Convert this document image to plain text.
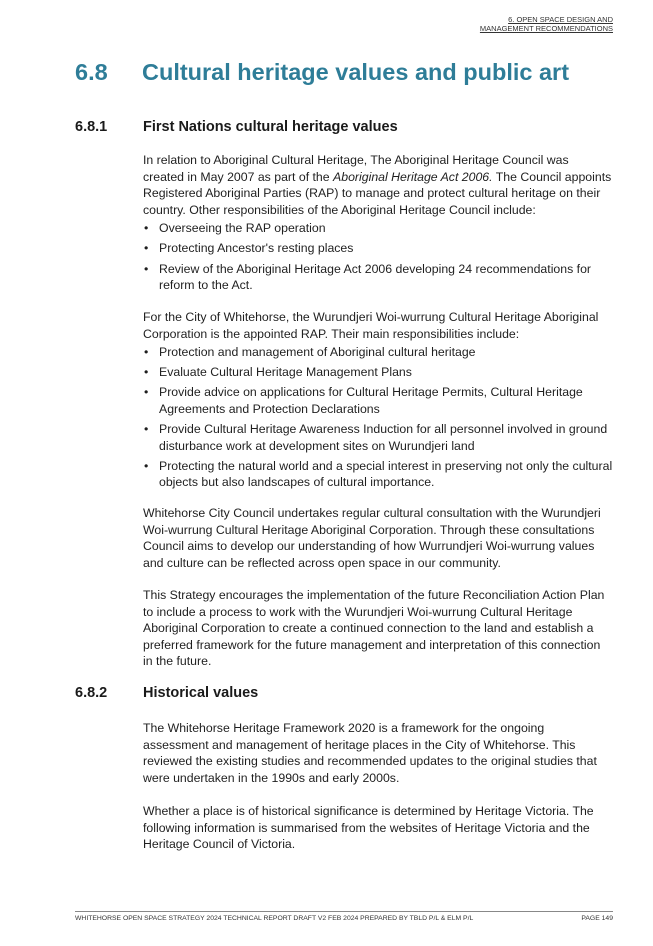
6. OPEN SPACE DESIGN AND
MANAGEMENT RECOMMENDATIONS
6.8 Cultural heritage values and public art
6.8.1 First Nations cultural heritage values

In relation to Aboriginal Cultural Heritage, The Aboriginal Heritage Council was created in May 2007 as part of the Aboriginal Heritage Act 2006. The Council appoints Registered Aboriginal Parties (RAP) to manage and protect cultural heritage on their country. Other responsibilities of the Aboriginal Heritage Council include:

• Overseeing the RAP operation
• Protecting Ancestor's resting places
• Review of the Aboriginal Heritage Act 2006 developing 24 recommendations for reform to the Act.

For the City of Whitehorse, the Wurundjeri Woi-wurrung Cultural Heritage Aboriginal Corporation is the appointed RAP. Their main responsibilities include:

• Protection and management of Aboriginal cultural heritage
• Evaluate Cultural Heritage Management Plans
• Provide advice on applications for Cultural Heritage Permits, Cultural Heritage Agreements and Protection Declarations
• Provide Cultural Heritage Awareness Induction for all personnel involved in ground disturbance work at development sites on Wurundjeri land
• Protecting the natural world and a special interest in preserving not only the cultural objects but also landscapes of cultural importance.

Whitehorse City Council undertakes regular cultural consultation with the Wurundjeri Woi-wurrung Cultural Heritage Aboriginal Corporation. Through these consultations Council aims to develop our understanding of how Wurrundjeri Woi-wurrung values and culture can be reflected across open space in our community.

This Strategy encourages the implementation of the future Reconciliation Action Plan to include a process to work with the Wurundjeri Woi-wurrung Cultural Heritage Aboriginal Corporation to create a continued connection to the land and establish a preferred framework for the future management and interpretation of this connection in the future.

6.8.2 Historical values

The Whitehorse Heritage Framework 2020 is a framework for the ongoing assessment and management of heritage places in the City of Whitehorse. This reviewed the existing studies and recommended updates to the original studies that were undertaken in the 1990s and early 2000s.

Whether a place is of historical significance is determined by Heritage Victoria. The following information is summarised from the websites of Heritage Victoria and the Heritage Council of Victoria.

WHITEHORSE OPEN SPACE STRATEGY 2024 TECHNICAL REPORT DRAFT V2 FEB 2024 PREPARED BY TBLD P/L & ELM P/L	PAGE 149
